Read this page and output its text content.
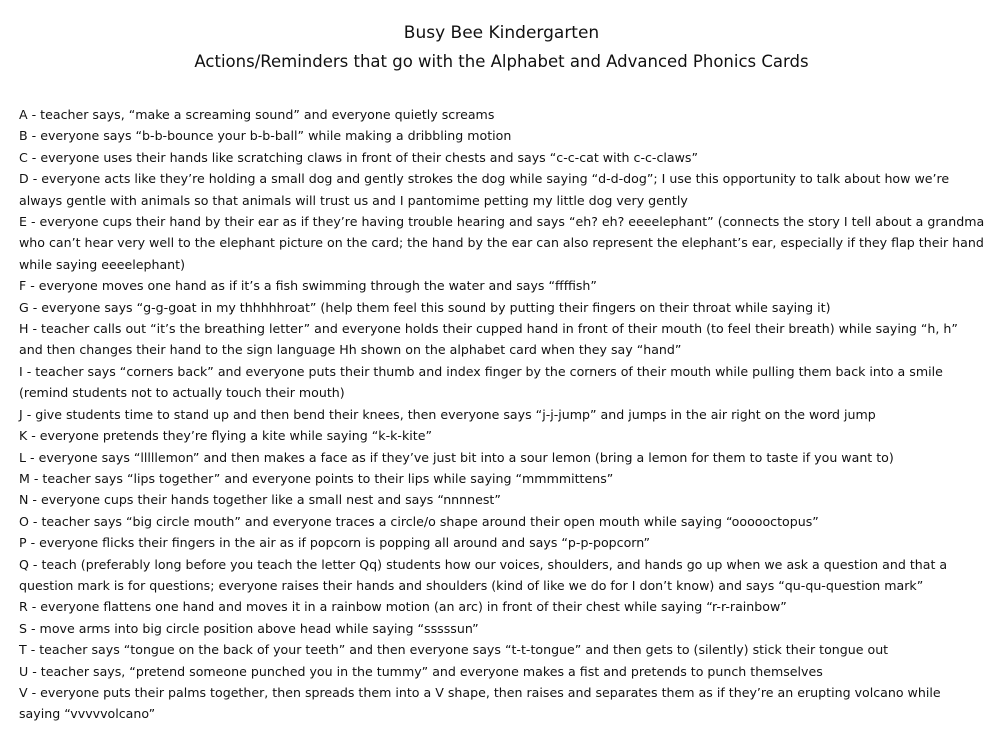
Busy Bee Kindergarten
Actions/Reminders that go with the Alphabet and Advanced Phonics Cards
A - teacher says, “make a screaming sound” and everyone quietly screams
B - everyone says “b-b-bounce your b-b-ball” while making a dribbling motion
C - everyone uses their hands like scratching claws in front of their chests and says “c-c-cat with c-c-claws”
D - everyone acts like they’re holding a small dog and gently strokes the dog while saying “d-d-dog”; I use this opportunity to talk about how we’re always gentle with animals so that animals will trust us and I pantomime petting my little dog very gently
E - everyone cups their hand by their ear as if they’re having trouble hearing and says “eh? eh? eeeelephant” (connects the story I tell about a grandma who can’t hear very well to the elephant picture on the card; the hand by the ear can also represent the elephant’s ear, especially if they flap their hand while saying eeeelephant)
F - everyone moves one hand as if it’s a fish swimming through the water and says “ffffish”
G - everyone says “g-g-goat in my thhhhhroat” (help them feel this sound by putting their fingers on their throat while saying it)
H - teacher calls out “it’s the breathing letter” and everyone holds their cupped hand in front of their mouth (to feel their breath) while saying “h, h” and then changes their hand to the sign language Hh shown on the alphabet card when they say “hand”
I - teacher says “corners back” and everyone puts their thumb and index finger by the corners of their mouth while pulling them back into a smile (remind students not to actually touch their mouth)
J - give students time to stand up and then bend their knees, then everyone says “j-j-jump” and jumps in the air right on the word jump
K - everyone pretends they’re flying a kite while saying “k-k-kite”
L - everyone says “lllllemon” and then makes a face as if they’ve just bit into a sour lemon (bring a lemon for them to taste if you want to)
M - teacher says “lips together” and everyone points to their lips while saying “mmmmittens”
N - everyone cups their hands together like a small nest and says “nnnnest”
O - teacher says “big circle mouth” and everyone traces a circle/o shape around their open mouth while saying “oooooctopus”
P - everyone flicks their fingers in the air as if popcorn is popping all around and says “p-p-popcorn”
Q - teach (preferably long before you teach the letter Qq) students how our voices, shoulders, and hands go up when we ask a question and that a question mark is for questions; everyone raises their hands and shoulders (kind of like we do for I don’t know) and says “qu-qu-question mark”
R - everyone flattens one hand and moves it in a rainbow motion (an arc) in front of their chest while saying “r-r-rainbow”
S - move arms into big circle position above head while saying “sssssun”
T - teacher says “tongue on the back of your teeth” and then everyone says “t-t-tongue” and then gets to (silently) stick their tongue out
U - teacher says, “pretend someone punched you in the tummy” and everyone makes a fist and pretends to punch themselves
V - everyone puts their palms together, then spreads them into a V shape, then raises and separates them as if they’re an erupting volcano while saying “vvvvvolcano”
